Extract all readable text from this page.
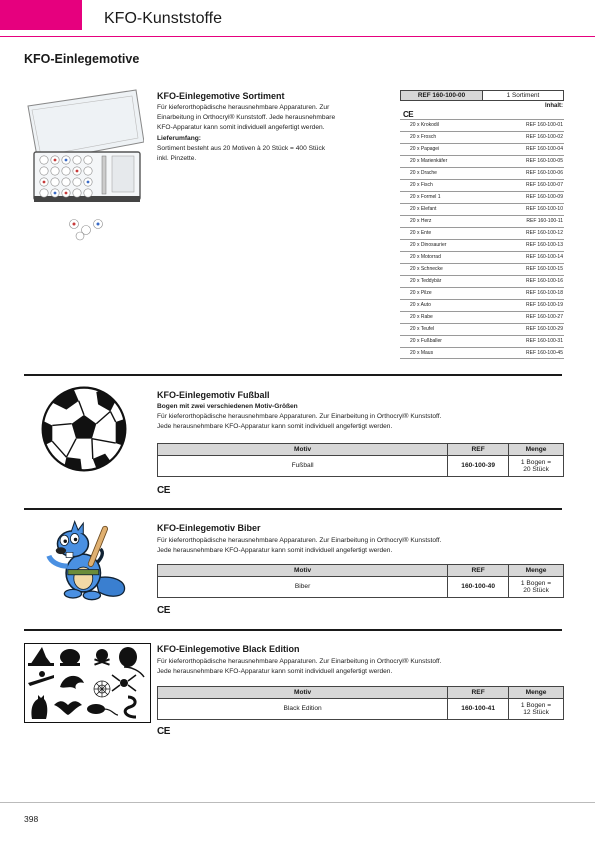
KFO-Kunststoffe
KFO-Einlegemotive
KFO-Einlegemotive Sortiment
Für kieferorthopädische herausnehmbare Apparaturen. Zur
Einarbeitung in Orthocryl® Kunststoff. Jede herausnehmbare
KFO-Apparatur kann somit individuell angefertigt werden.
Lieferumfang:
Sortiment besteht aus 20 Motiven à 20 Stück = 400 Stück
inkl. Pinzette.
REF 160-100-00	1 Sortiment
CE
Inhalt:
20 x Krokodil	REF 160-100-01
20 x Frosch	REF 160-100-02
20 x Papagei	REF 160-100-04
20 x Marienkäfer	REF 160-100-05
20 x Drache	REF 160-100-06
20 x Fisch	REF 160-100-07
20 x Formel 1	REF 160-100-09
20 x Elefant	REF 160-100-10
20 x Herz	REF 160-100-11
20 x Ente	REF 160-100-12
20 x Dinosaurier	REF 160-100-13
20 x Motorrad	REF 160-100-14
20 x Schnecke	REF 160-100-15
20 x Teddybär	REF 160-100-16
20 x Pilze	REF 160-100-18
20 x Auto	REF 160-100-19
20 x Rabe	REF 160-100-27
20 x Teufel	REF 160-100-29
20 x Fußballer	REF 160-100-31
20 x Maus	REF 160-100-45
KFO-Einlegemotiv Fußball
Bogen mit zwei verschiedenen Motiv-Größen
Für kieferorthopädische herausnehmbare Apparaturen. Zur Einarbeitung in Orthocryl® Kunststoff.
Jede herausnehmbare KFO-Apparatur kann somit individuell angefertigt werden.
Motiv	REF	Menge
Fußball	160-100-39	1 Bogen =
20 Stück
CE
KFO-Einlegemotiv Biber
Für kieferorthopädische herausnehmbare Apparaturen. Zur Einarbeitung in Orthocryl® Kunststoff.
Jede herausnehmbare KFO-Apparatur kann somit individuell angefertigt werden.
Motiv	REF	Menge
Biber	160-100-40	1 Bogen =
20 Stück
CE
KFO-Einlegemotive Black Edition
Für kieferorthopädische herausnehmbare Apparaturen. Zur Einarbeitung in Orthocryl® Kunststoff.
Jede herausnehmbare KFO-Apparatur kann somit individuell angefertigt werden.
Motiv	REF	Menge
Black Edition	160-100-41	1 Bogen =
12 Stück
CE
398
